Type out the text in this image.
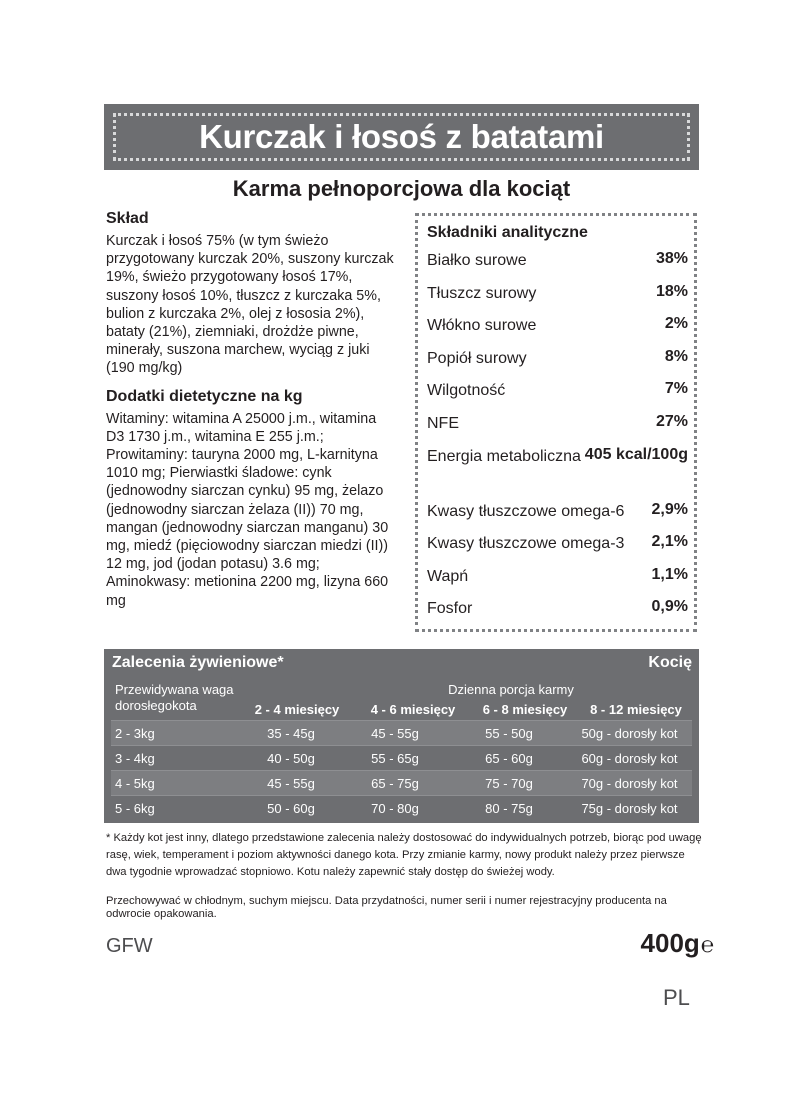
Kurczak i łosoś z batatami
Karma pełnoporcjowa dla kociąt
Skład

Kurczak i łosoś 75% (w tym świeżo przygotowany kurczak 20%, suszony kurczak 19%, świeżo przygotowany łosoś 17%, suszony łosoś 10%, tłuszcz z kurczaka 5%, bulion z kurczaka 2%, olej z łososia 2%), bataty (21%), ziemniaki, drożdże piwne, minerały, suszona marchew, wyciąg z juki (190 mg/kg)

Dodatki dietetyczne na kg

Witaminy: witamina A 25000 j.m., witamina D3 1730 j.m., witamina E 255 j.m.; Prowitaminy: tauryna 2000 mg, L-karnityna 1010 mg; Pierwiastki śladowe: cynk (jednowodny siarczan cynku) 95 mg, żelazo (jednowodny siarczan żelaza (II)) 70 mg, mangan (jednowodny siarczan manganu) 30 mg, miedź (pięciowodny siarczan miedzi (II)) 12 mg, jod (jodan potasu) 3.6 mg; Aminokwasy: metionina 2200 mg, lizyna 660 mg

Składniki analityczne
Białko surowe	38%
Tłuszcz surowy	18%
Włókno surowe	2%
Popiół surowy	8%
Wilgotność	7%
NFE	27%
Energia metaboliczna 405 kcal/100g
Kwasy tłuszczowe omega-6 2,9%
Kwasy tłuszczowe omega-3 2,1%
Wapń	1,1%
Fosfor	0,9%
Zalecenia żywieniowe*	Kocię
Przewidywana waga dorosłegokota
Dzienna porcja karmy
2 - 4 miesięcy	4 - 6 miesięcy	6 - 8 miesięcy	8 - 12 miesięcy
2 - 3kg	35 - 45g	45 - 55g	55 - 50g	50g - dorosły kot
3 - 4kg	40 - 50g	55 - 65g	65 - 60g	60g - dorosły kot
4 - 5kg	45 - 55g	65 - 75g	75 - 70g	70g - dorosły kot
5 - 6kg	50 - 60g	70 - 80g	80 - 75g	75g - dorosły kot
* Każdy kot jest inny, dlatego przedstawione zalecenia należy dostosować do indywidualnych potrzeb, biorąc pod uwagę rasę, wiek, temperament i poziom aktywności danego kota. Przy zmianie karmy, nowy produkt należy przez pierwsze dwa tygodnie wprowadzać stopniowo. Kotu należy zapewnić stały dostęp do świeżej wody.
Przechowywać w chłodnym, suchym miejscu. Data przydatności, numer serii i numer rejestracyjny producenta na odwrocie opakowania.
GFW	400g℮
PL
